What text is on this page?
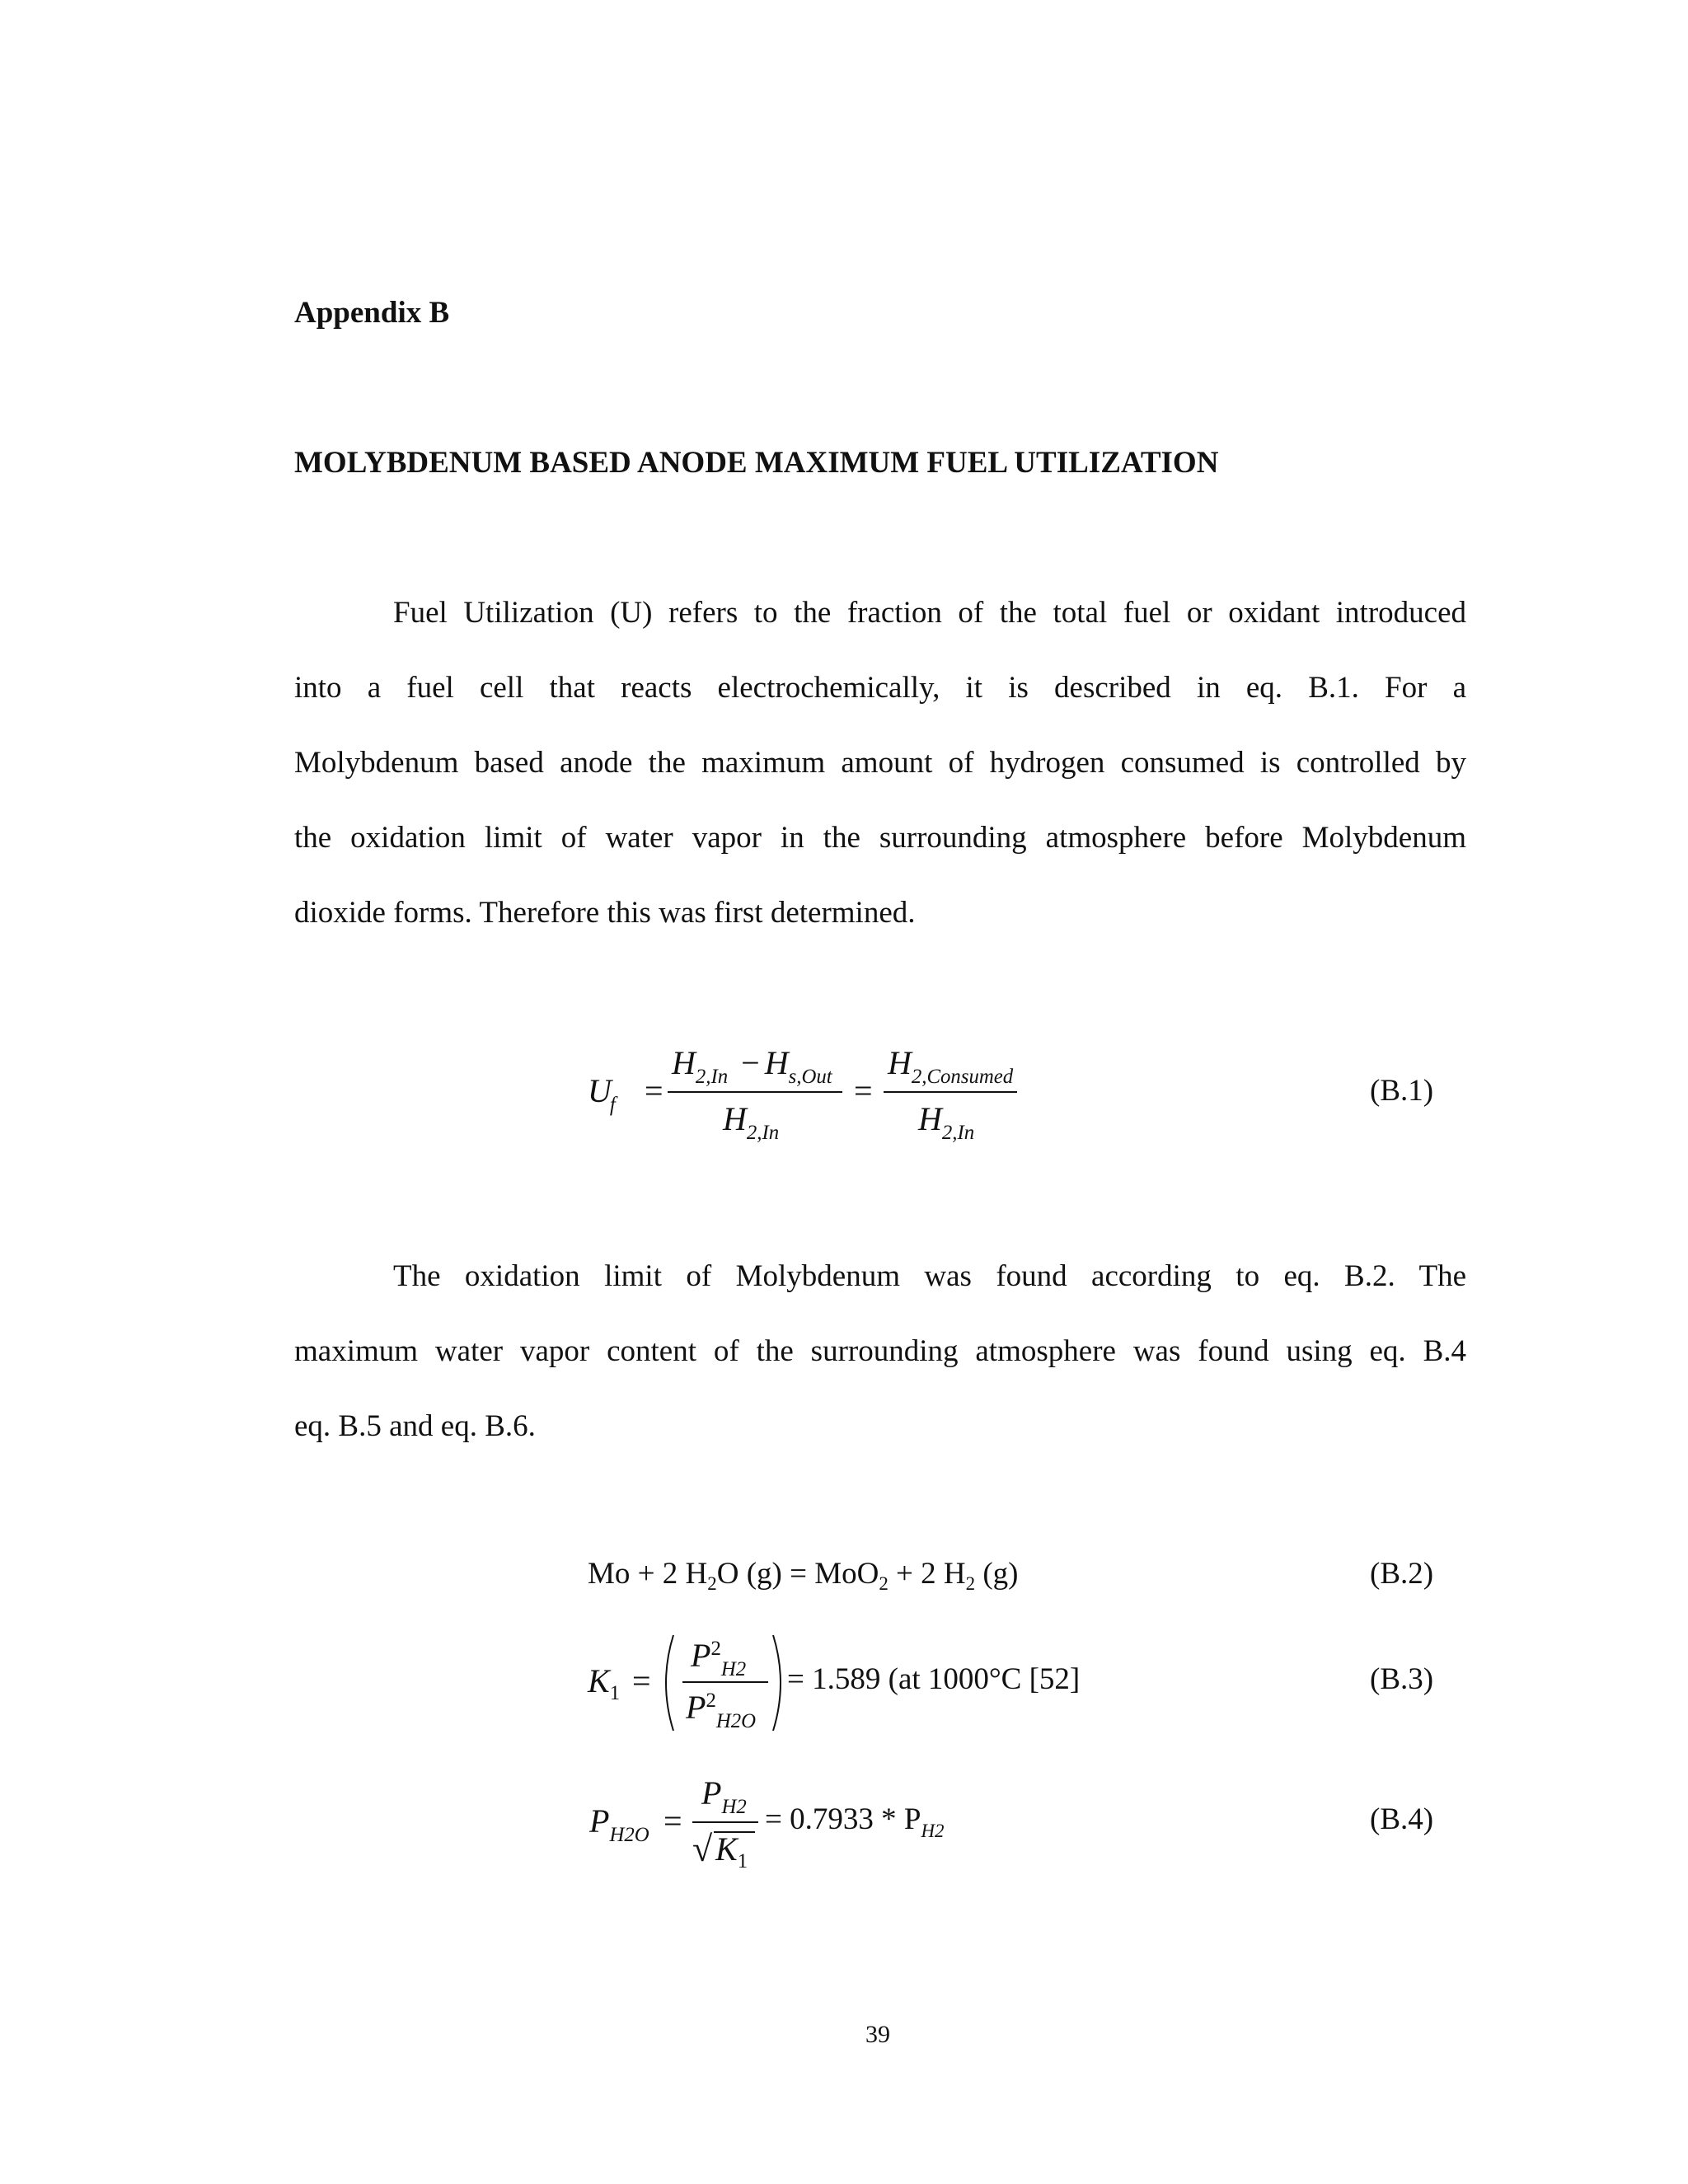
Appendix B
MOLYBDENUM BASED ANODE MAXIMUM FUEL UTILIZATION
Fuel Utilization (U) refers to the fraction of the total fuel or oxidant introduced
into a fuel cell that reacts electrochemically, it is described in eq. B.1. For a
Molybdenum based anode the maximum amount of hydrogen consumed is controlled by
the oxidation limit of water vapor in the surrounding atmosphere before Molybdenum
dioxide forms. Therefore this was first determined.
$U_f$ =
$H_{2,In} - H_{s,Out}$
$H_{2,In}$
=
$H_{2,Consumed}$
$H_{2,In}$
(B.1)
The oxidation limit of Molybdenum was found according to eq. B.2. The
maximum water vapor content of the surrounding atmosphere was found using eq. B.4
eq. B.5 and eq. B.6.
Mo + 2 $H_2O$ (g) = MoO$_2$ + 2 $H_2$ (g)	(B.2)
$K_1$ =
$P^2_{H2}$
$P^2_{H2O}$
= 1.589 (at 1000°C [52]	(B.3)
$P_{H2O}$ =
$P_{H2}$
√ $K_1$
= $0.7933 * P_{H2}$	(B.4)
39
